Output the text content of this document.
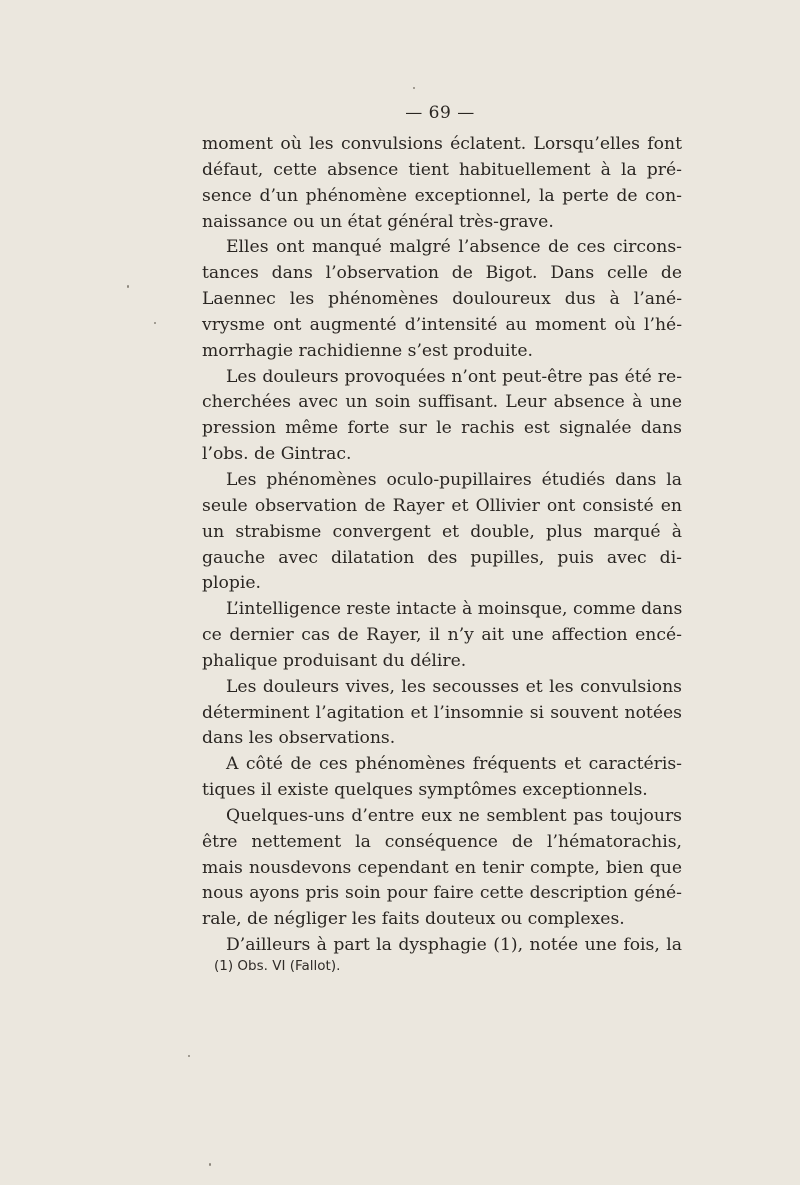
— 69 —
moment où les convulsions éclatent. Lorsqu’elles font
défaut, cette absence tient habituellement à la pré-
sence d’un phénomène exceptionnel, la perte de con-
naissance ou un état général très-grave.
Elles ont manqué malgré l’absence de ces circons-
tances dans l’observation de Bigot. Dans celle de
Laennec les phénomènes douloureux dus à l’ané-
vrysme ont augmenté d’intensité au moment où l’hé-
morrhagie rachidienne s’est produite.
Les douleurs provoquées n’ont peut-être pas été re-
cherchées avec un soin suffisant. Leur absence à une
pression même forte sur le rachis est signalée dans
l’obs. de Gintrac.
Les phénomènes oculo-pupillaires étudiés dans la
seule observation de Rayer et Ollivier ont consisté en
un strabisme convergent et double, plus marqué à
gauche avec dilatation des pupilles, puis avec di-
plopie.
L’intelligence reste intacte à moinsque, comme dans
ce dernier cas de Rayer, il n’y ait une affection encé-
phalique produisant du délire.
Les douleurs vives, les secousses et les convulsions
déterminent l’agitation et l’insomnie si souvent notées
dans les observations.
A côté de ces phénomènes fréquents et caractéris-
tiques il existe quelques symptômes exceptionnels.
Quelques-uns d’entre eux ne semblent pas toujours
être nettement la conséquence de l’hématorachis,
mais nousdevons cependant en tenir compte, bien que
nous ayons pris soin pour faire cette description géné-
rale, de négliger les faits douteux ou complexes.
D’ailleurs à part la dysphagie (1), notée une fois, la
(1) Obs. VI (Fallot).
